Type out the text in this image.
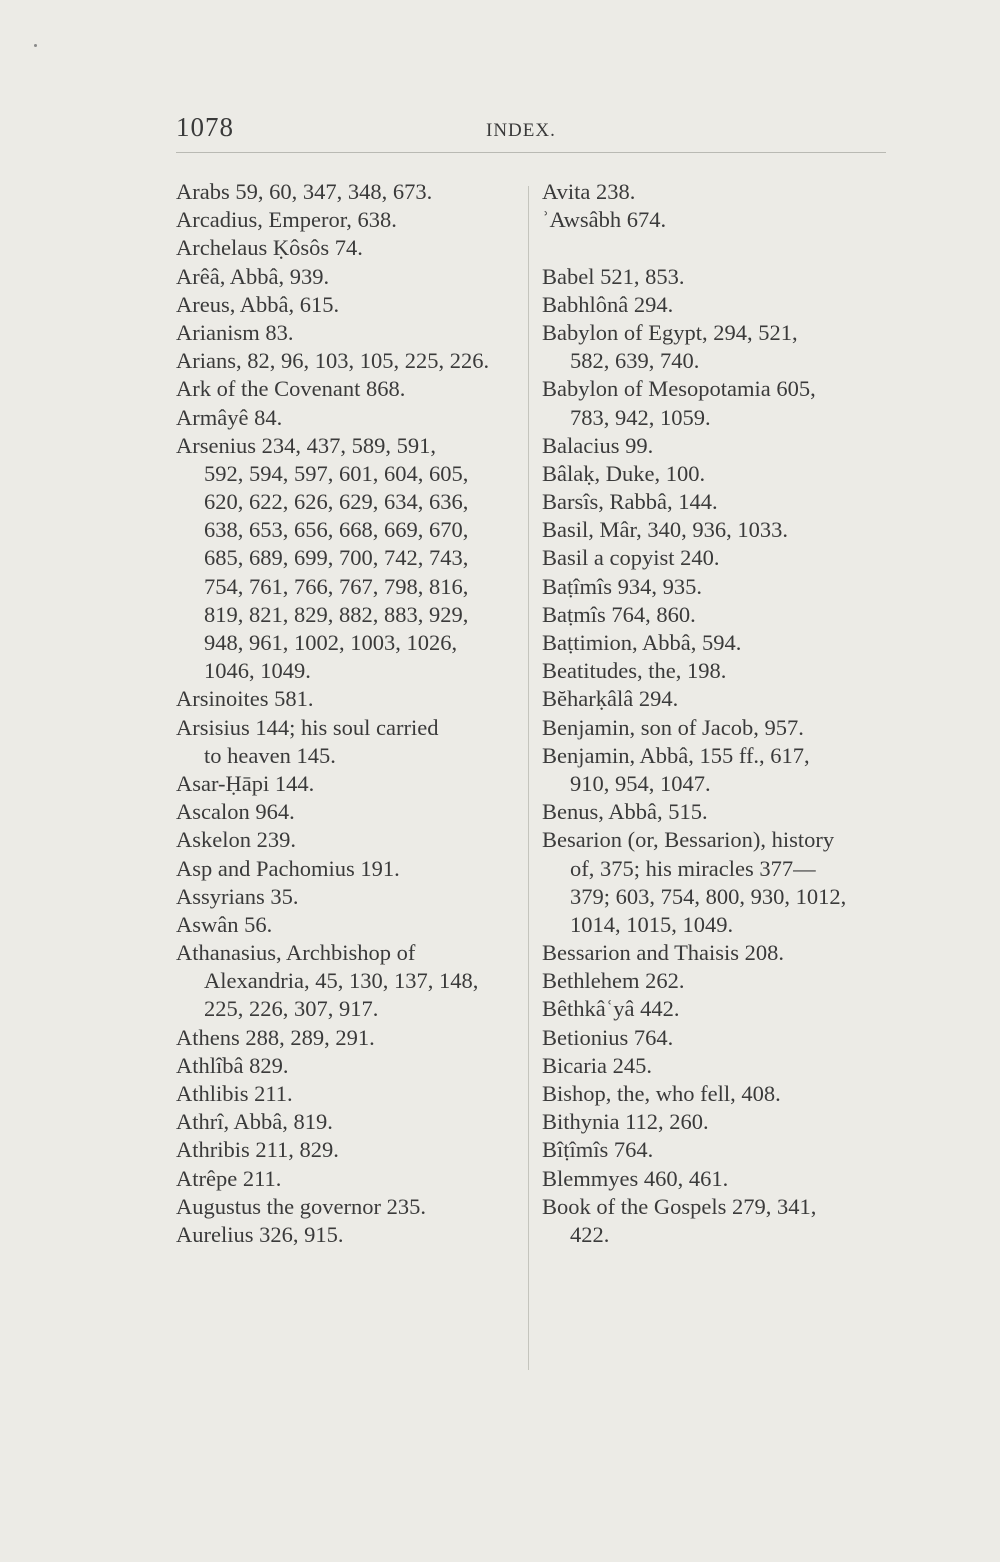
1078	INDEX.
Arabs 59, 60, 347, 348, 673.
Arcadius, Emperor, 638.
Archelaus Ḳôsôs 74.
Arêâ, Abbâ, 939.
Areus, Abbâ, 615.
Arianism 83.
Arians, 82, 96, 103, 105, 225, 226.
Ark of the Covenant 868.
Armâyê 84.
Arsenius 234, 437, 589, 591,
592, 594, 597, 601, 604, 605,
620, 622, 626, 629, 634, 636,
638, 653, 656, 668, 669, 670,
685, 689, 699, 700, 742, 743,
754, 761, 766, 767, 798, 816,
819, 821, 829, 882, 883, 929,
948, 961, 1002, 1003, 1026,
1046, 1049.
Arsinoites 581.
Arsisius 144; his soul carried
to heaven 145.
Asar-Ḥāpi 144.
Ascalon 964.
Askelon 239.
Asp and Pachomius 191.
Assyrians 35.
Aswân 56.
Athanasius, Archbishop of
Alexandria, 45, 130, 137, 148,
225, 226, 307, 917.
Athens 288, 289, 291.
Athlîbâ 829.
Athlibis 211.
Athrî, Abbâ, 819.
Athribis 211, 829.
Atrêpe 211.
Augustus the governor 235.
Aurelius 326, 915.
Avita 238.
ʾAwsâbh 674.
Babel 521, 853.
Babhlônâ 294.
Babylon of Egypt, 294, 521,
582, 639, 740.
Babylon of Mesopotamia 605,
783, 942, 1059.
Balacius 99.
Bâlaḳ, Duke, 100.
Barsîs, Rabbâ, 144.
Basil, Mâr, 340, 936, 1033.
Basil a copyist 240.
Baṭîmîs 934, 935.
Baṭmîs 764, 860.
Baṭtimion, Abbâ, 594.
Beatitudes, the, 198.
Bĕharḳâlâ 294.
Benjamin, son of Jacob, 957.
Benjamin, Abbâ, 155 ff., 617,
910, 954, 1047.
Benus, Abbâ, 515.
Besarion (or, Bessarion), history
of, 375; his miracles 377—
379; 603, 754, 800, 930, 1012,
1014, 1015, 1049.
Bessarion and Thaisis 208.
Bethlehem 262.
Bêthkâʿyâ 442.
Betionius 764.
Bicaria 245.
Bishop, the, who fell, 408.
Bithynia 112, 260.
Bîṭîmîs 764.
Blemmyes 460, 461.
Book of the Gospels 279, 341,
422.
